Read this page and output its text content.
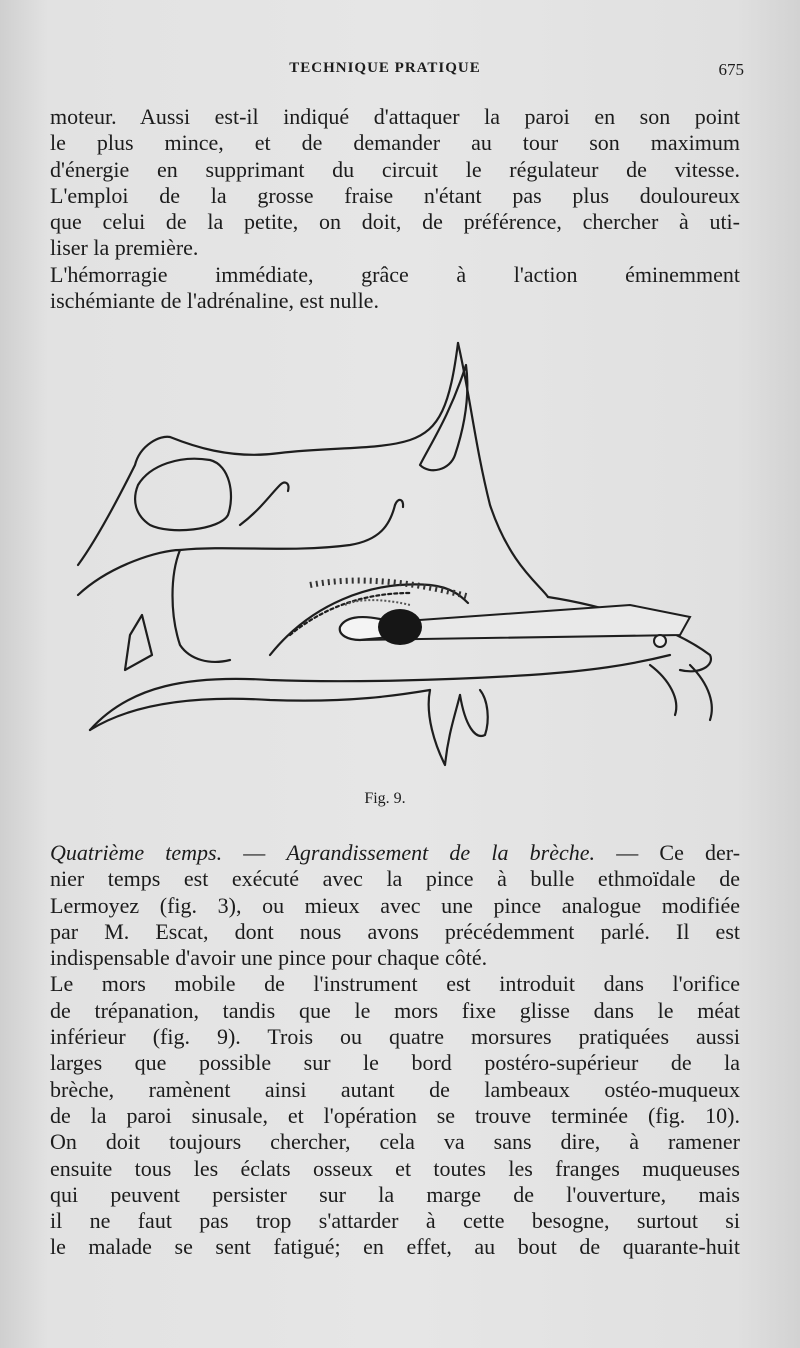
TECHNIQUE PRATIQUE	675
moteur. Aussi est-il indiqué d'attaquer la paroi en son point
le plus mince, et de demander au tour son maximum
d'énergie en supprimant du circuit le régulateur de vitesse.
L'emploi de la grosse fraise n'étant pas plus douloureux
que celui de la petite, on doit, de préférence, chercher à uti-
liser la première.
L'hémorragie immédiate, grâce à l'action éminemment
ischémiante de l'adrénaline, est nulle.
Fig. 9.
Quatrième temps. — Agrandissement de la brèche. — Ce der-
nier temps est exécuté avec la pince à bulle ethmoïdale de
Lermoyez (fig. 3), ou mieux avec une pince analogue modifiée
par M. Escat, dont nous avons précédemment parlé. Il est
indispensable d'avoir une pince pour chaque côté.
Le mors mobile de l'instrument est introduit dans l'orifice
de trépanation, tandis que le mors fixe glisse dans le méat
inférieur (fig. 9). Trois ou quatre morsures pratiquées aussi
larges que possible sur le bord postéro-supérieur de la
brèche, ramènent ainsi autant de lambeaux ostéo-muqueux
de la paroi sinusale, et l'opération se trouve terminée (fig. 10).
On doit toujours chercher, cela va sans dire, à ramener
ensuite tous les éclats osseux et toutes les franges muqueuses
qui peuvent persister sur la marge de l'ouverture, mais
il ne faut pas trop s'attarder à cette besogne, surtout si
le malade se sent fatigué; en effet, au bout de quarante-huit
